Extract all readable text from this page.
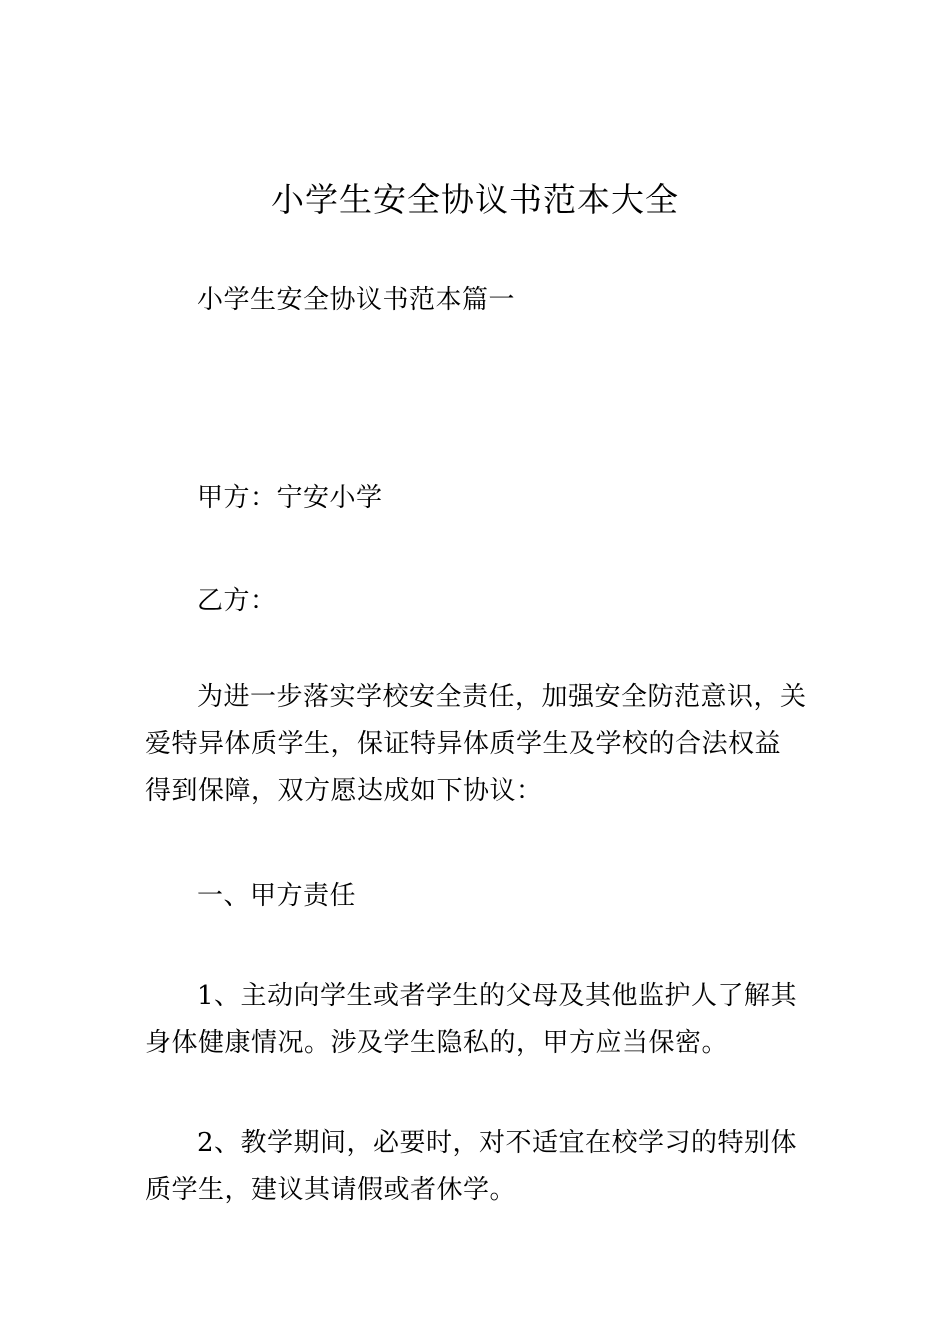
小学生安全协议书范本大全

小学生安全协议书范本篇一

甲方：宁安小学

乙方：

为进一步落实学校安全责任，加强安全防范意识，关爱特异体质学生，保证特异体质学生及学校的合法权益得到保障，双方愿达成如下协议：

一、甲方责任

1、主动向学生或者学生的父母及其他监护人了解其身体健康情况。涉及学生隐私的，甲方应当保密。

2、教学期间，必要时，对不适宜在校学习的特别体质学生，建议其请假或者休学。
